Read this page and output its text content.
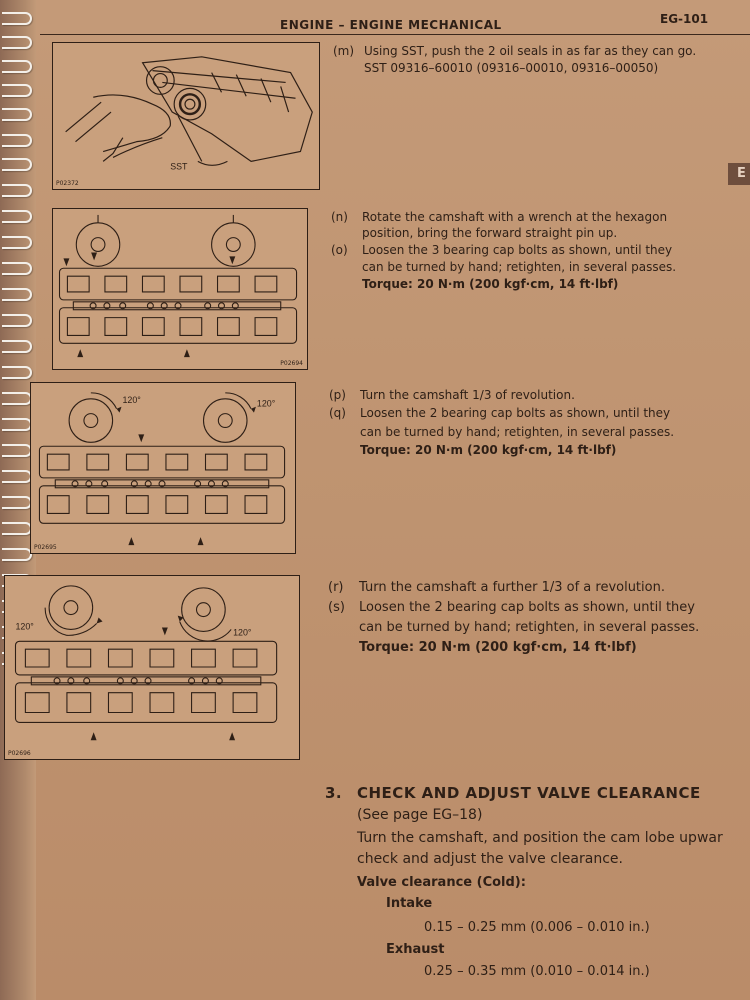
ENGINE – ENGINE MECHANICAL	EG-101
E
SST
P02372
P02694
120°	120°
P02695
120°
120°
P02696
(m) Using SST, push the 2 oil seals in as far as they can go.
SST 09316–60010 (09316–00010, 09316–00050)
(n) Rotate the camshaft with a wrench at the hexagon
position, bring the forward straight pin up.
(o) Loosen the 3 bearing cap bolts as shown, until they
can be turned by hand; retighten, in several passes.
Torque: 20 N·m (200 kgf·cm, 14 ft·lbf)
(p) Turn the camshaft 1/3 of revolution.
(q) Loosen the 2 bearing cap bolts as shown, until they
can be turned by hand; retighten, in several passes.
Torque: 20 N·m (200 kgf·cm, 14 ft·lbf)
(r) Turn the camshaft a further 1/3 of a revolution.
(s) Loosen the 2 bearing cap bolts as shown, until they
can be turned by hand; retighten, in several passes.
Torque: 20 N·m (200 kgf·cm, 14 ft·lbf)
3. CHECK AND ADJUST VALVE CLEARANCE
(See page EG–18)
Turn the camshaft, and position the cam lobe upwar
check and adjust the valve clearance.
Valve clearance (Cold):
Intake
0.15 – 0.25 mm (0.006 – 0.010 in.)
Exhaust
0.25 – 0.35 mm (0.010 – 0.014 in.)
